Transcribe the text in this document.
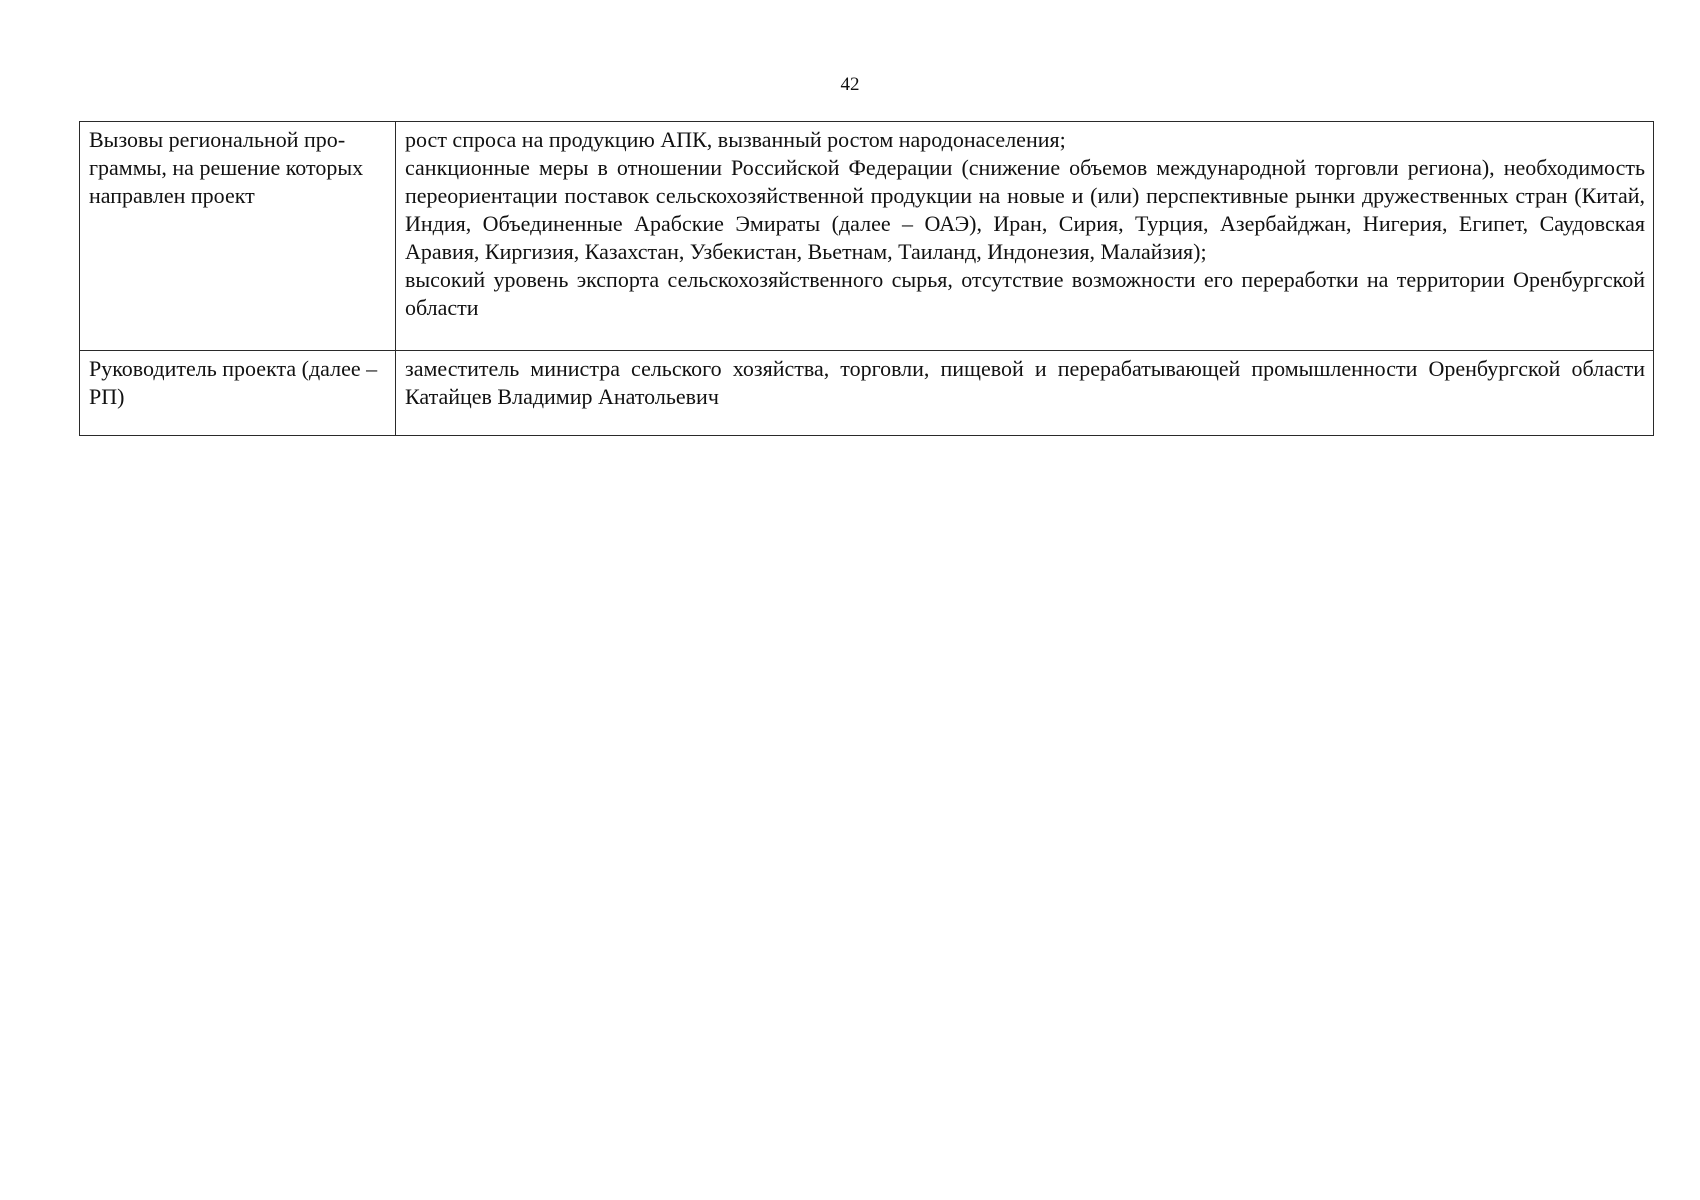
42
Вызовы региональной программы, на решение которых направлен проект	рост спроса на продукцию АПК, вызванный ростом народонаселения;
санкционные меры в отношении Российской Федерации (снижение объемов международной торговли региона), необходимость переориентации поставок сельскохозяйственной продукции на новые и (или) перспективные рынки дружественных стран (Китай, Индия, Объединенные Арабские Эмираты (далее – ОАЭ), Иран, Сирия, Турция, Азербайджан, Нигерия, Египет, Саудовская Аравия, Киргизия, Казахстан, Узбекистан, Вьетнам, Таиланд, Индонезия, Малайзия);
высокий уровень экспорта сельскохозяйственного сырья, отсутствие возможности его переработки на территории Оренбургской области

Руководитель проекта (далее – РП)	заместитель министра сельского хозяйства, торговли, пищевой и перерабатывающей промышленности Оренбургской области Катайцев Владимир Анатольевич
